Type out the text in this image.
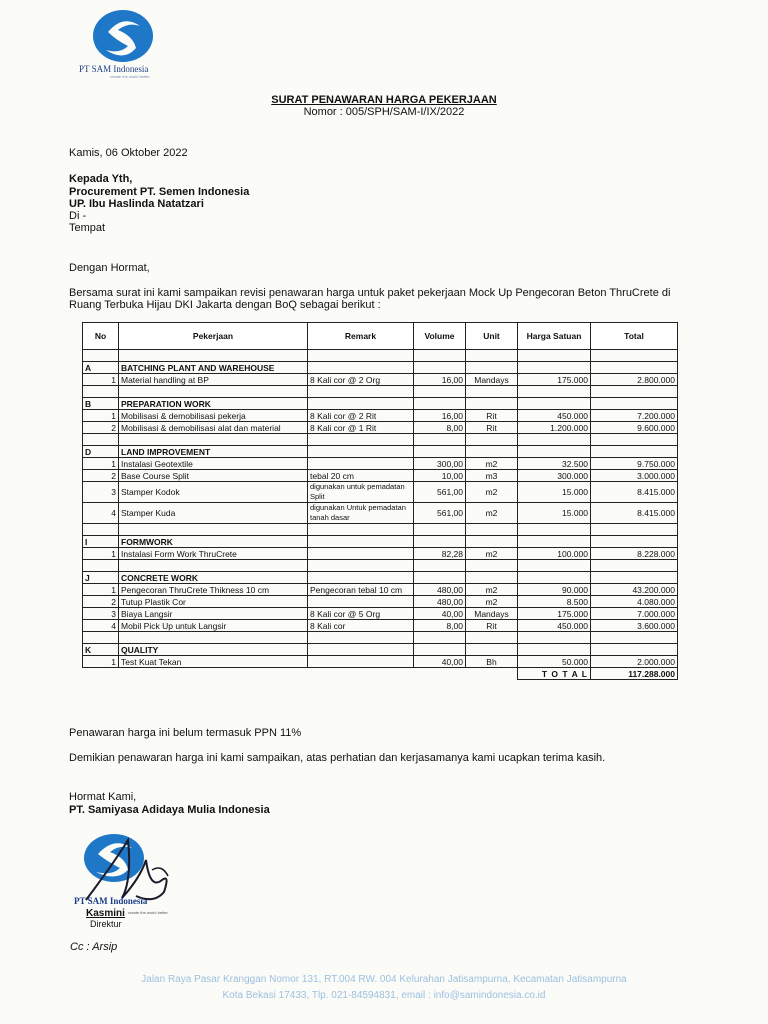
PT SAM Indonesia
create the world better
SURAT PENAWARAN HARGA PEKERJAAN
Nomor : 005/SPH/SAM-I/IX/2022
Kamis, 06 Oktober 2022
Kepada Yth,
Procurement PT. Semen Indonesia
UP. Ibu Haslinda Natatzari
Di -
Tempat
Dengan Hormat,
Bersama surat ini kami sampaikan revisi penawaran harga untuk paket pekerjaan Mock Up Pengecoran Beton ThruCrete di
Ruang Terbuka Hijau DKI Jakarta dengan BoQ sebagai berikut :
No	Pekerjaan	Remark	Volume	Unit	Harga Satuan	Total

A	BATCHING PLANT AND WAREHOUSE					
1	Material handling at BP	8 Kali cor @ 2 Org	16,00	Mandays	175.000	2.800.000

B	PREPARATION WORK					
1	Mobilisasi & demobilisasi pekerja	8 Kali cor @ 2 Rit	16,00	Rit	450.000	7.200.000
2	Mobilisasi & demobilisasi alat dan material	8 Kali cor @ 1 Rit	8,00	Rit	1.200.000	9.600.000

D	LAND IMPROVEMENT					
1	Instalasi Geotextile		300,00	m2	32.500	9.750.000
2	Base Course Split	tebal 20 cm	10,00	m3	300.000	3.000.000
3	Stamper Kodok	digunakan untuk pemadatan Split	561,00	m2	15.000	8.415.000
4	Stamper Kuda	digunakan Untuk pemadatan tanah dasar	561,00	m2	15.000	8.415.000

I	FORMWORK					
1	Instalasi Form Work ThruCrete		82,28	m2	100.000	8.228.000

J	CONCRETE WORK					
1	Pengecoran ThruCrete Thikness 10 cm	Pengecoran tebal 10 cm	480,00	m2	90.000	43.200.000
2	Tutup Plastik Cor		480,00	m2	8.500	4.080.000
3	Biaya Langsir	8 Kali cor @ 5 Org	40,00	Mandays	175.000	7.000.000
4	Mobil Pick Up untuk Langsir	8 Kali cor	8,00	Rit	450.000	3.600.000

K	QUALITY					
1	Test Kuat Tekan		40,00	Bh	50.000	2.000.000
					T O T A L	117.288.000
Penawaran harga ini belum termasuk PPN 11%
Demikian penawaran harga ini kami sampaikan, atas perhatian dan kerjasamanya kami ucapkan terima kasih.
Hormat Kami,
PT. Samiyasa Adidaya Mulia Indonesia
PT SAM Indonesia
create the world better
Kasmini
Direktur
Cc : Arsip
Jalan Raya Pasar Kranggan Nomor 131, RT.004 RW. 004 Kelurahan Jatisampurna, Kecamatan Jatisampurna
Kota Bekasi 17433, Tlp. 021-84594831, email : info@samindonesia.co.id
